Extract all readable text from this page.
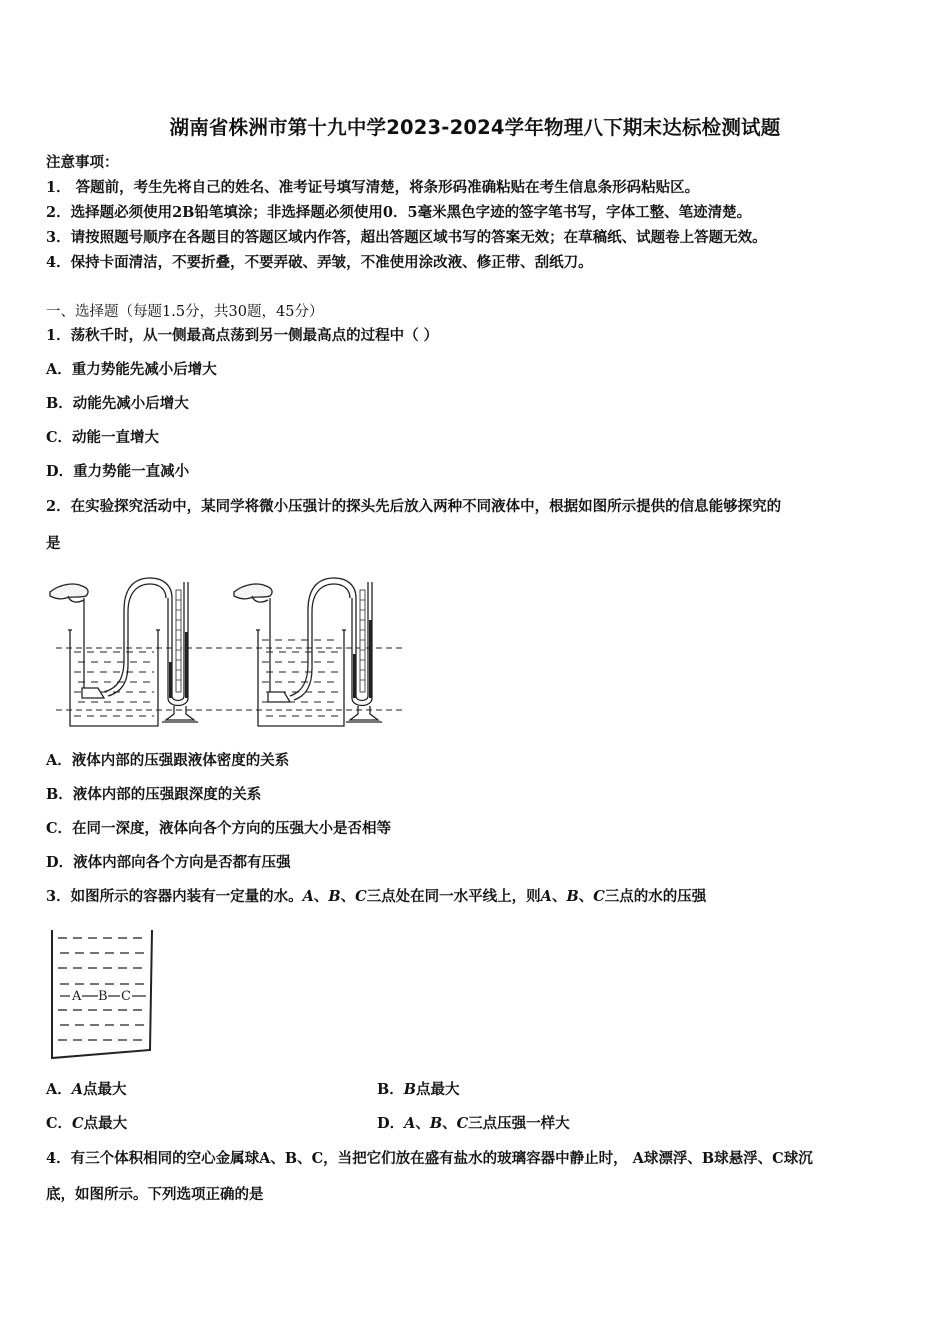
湖南省株洲市第十九中学2023-2024学年物理八下期末达标检测试题
注意事项：
1． 答题前，考生先将自己的姓名、准考证号填写清楚，将条形码准确粘贴在考生信息条形码粘贴区。
2．选择题必须使用2B铅笔填涂；非选择题必须使用0．5毫米黑色字迹的签字笔书写，字体工整、笔迹清楚。
3．请按照题号顺序在各题目的答题区域内作答，超出答题区域书写的答案无效；在草稿纸、试题卷上答题无效。
4．保持卡面清洁，不要折叠，不要弄破、弄皱，不准使用涂改液、修正带、刮纸刀。
一、选择题（每题1.5分，共30题，45分）
1．荡秋千时，从一侧最高点荡到另一侧最高点的过程中（ ）
A．重力势能先减小后增大
B．动能先减小后增大
C．动能一直增大
D．重力势能一直减小
2．在实验探究活动中，某同学将微小压强计的探头先后放入两种不同液体中，根据如图所示提供的信息能够探究的
是
A．液体内部的压强跟液体密度的关系
B．液体内部的压强跟深度的关系
C．在同一深度，液体向各个方向的压强大小是否相等
D．液体内部向各个方向是否都有压强
3．如图所示的容器内装有一定量的水。A、B、C三点处在同一水平线上，则A、B、C三点的水的压强
A B C
A．A点最大	B．B点最大
C．C点最大	D．A、B、C三点压强一样大
4．有三个体积相同的空心金属球A、B、C，当把它们放在盛有盐水的玻璃容器中静止时， A球漂浮、B球悬浮、C球沉
底，如图所示。下列选项正确的是
